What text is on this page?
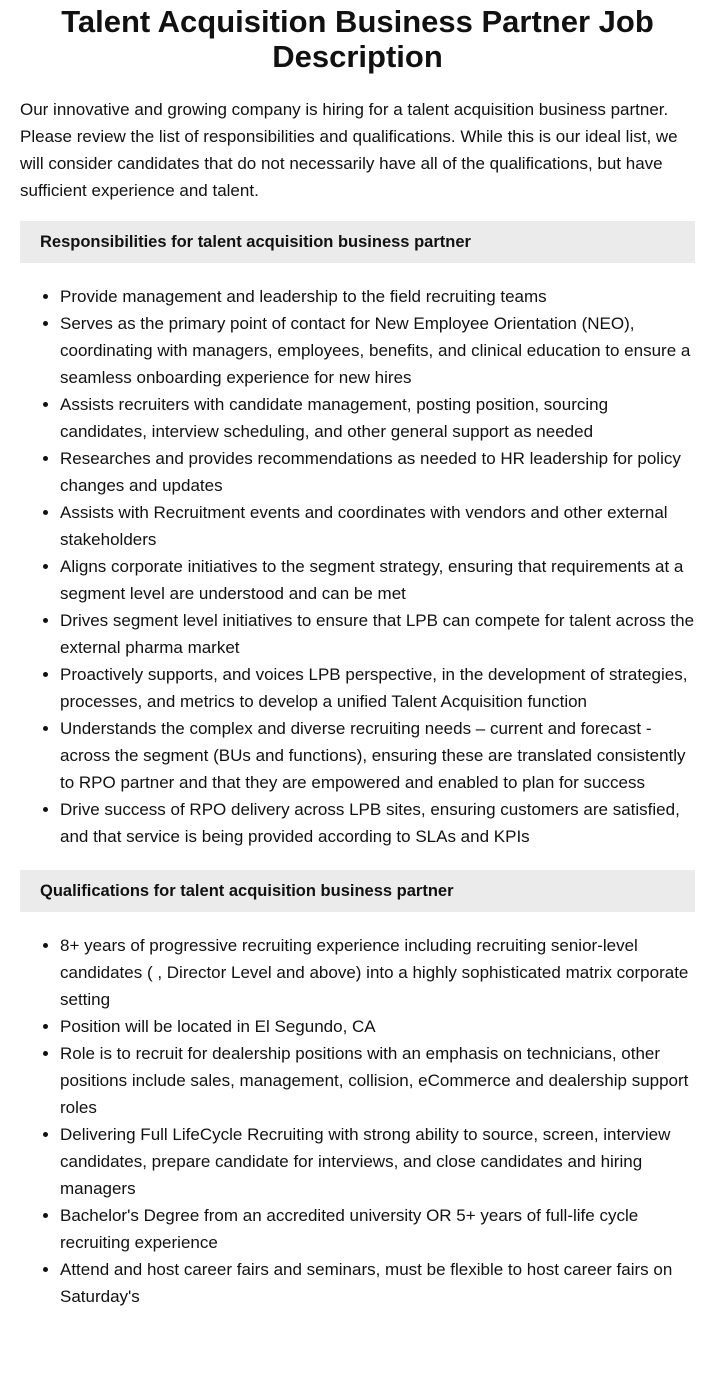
Talent Acquisition Business Partner Job Description

Our innovative and growing company is hiring for a talent acquisition business partner. Please review the list of responsibilities and qualifications. While this is our ideal list, we will consider candidates that do not necessarily have all of the qualifications, but have sufficient experience and talent.

Responsibilities for talent acquisition business partner
• Provide management and leadership to the field recruiting teams
• Serves as the primary point of contact for New Employee Orientation (NEO), coordinating with managers, employees, benefits, and clinical education to ensure a seamless onboarding experience for new hires
• Assists recruiters with candidate management, posting position, sourcing candidates, interview scheduling, and other general support as needed
• Researches and provides recommendations as needed to HR leadership for policy changes and updates
• Assists with Recruitment events and coordinates with vendors and other external stakeholders
• Aligns corporate initiatives to the segment strategy, ensuring that requirements at a segment level are understood and can be met
• Drives segment level initiatives to ensure that LPB can compete for talent across the external pharma market
• Proactively supports, and voices LPB perspective, in the development of strategies, processes, and metrics to develop a unified Talent Acquisition function
• Understands the complex and diverse recruiting needs – current and forecast - across the segment (BUs and functions), ensuring these are translated consistently to RPO partner and that they are empowered and enabled to plan for success
• Drive success of RPO delivery across LPB sites, ensuring customers are satisfied, and that service is being provided according to SLAs and KPIs
Qualifications for talent acquisition business partner
• 8+ years of progressive recruiting experience including recruiting senior-level candidates ( , Director Level and above) into a highly sophisticated matrix corporate setting
• Position will be located in El Segundo, CA
• Role is to recruit for dealership positions with an emphasis on technicians, other positions include sales, management, collision, eCommerce and dealership support roles
• Delivering Full LifeCycle Recruiting with strong ability to source, screen, interview candidates, prepare candidate for interviews, and close candidates and hiring managers
• Bachelor's Degree from an accredited university OR 5+ years of full-life cycle recruiting experience
• Attend and host career fairs and seminars, must be flexible to host career fairs on Saturday's
